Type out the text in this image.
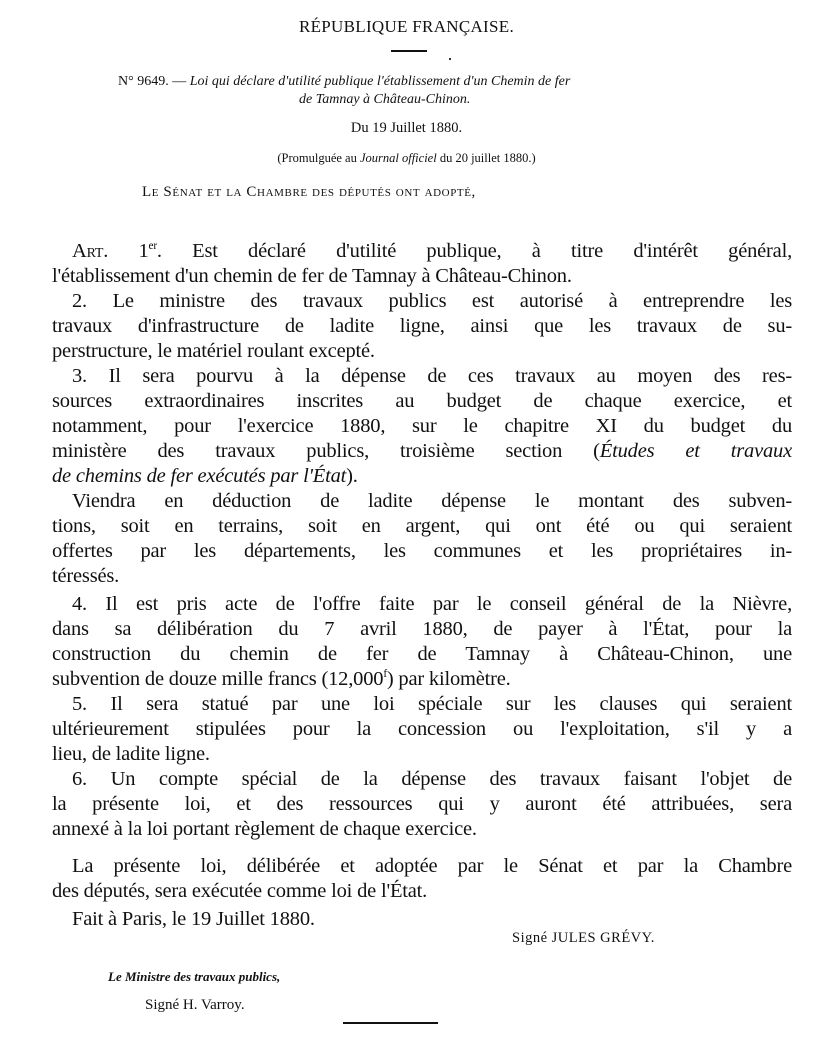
RÉPUBLIQUE FRANÇAISE.
N° 9649. — Loi qui déclare d'utilité publique l'établissement d'un Chemin de fer
de Tamnay à Château-Chinon.
Du 19 Juillet 1880.
(Promulguée au Journal officiel du 20 juillet 1880.)
Le Sénat et la Chambre des députés ont adopté,
Art. 1er. Est déclaré d'utilité publique, à titre d'intérêt général,
l'établissement d'un chemin de fer de Tamnay à Château-Chinon.
2. Le ministre des travaux publics est autorisé à entreprendre les
travaux d'infrastructure de ladite ligne, ainsi que les travaux de su-
perstructure, le matériel roulant excepté.
3. Il sera pourvu à la dépense de ces travaux au moyen des res-
sources extraordinaires inscrites au budget de chaque exercice, et
notamment, pour l'exercice 1880, sur le chapitre XI du budget du
ministère des travaux publics, troisième section (Études et travaux
de chemins de fer exécutés par l'État).
Viendra en déduction de ladite dépense le montant des subven-
tions, soit en terrains, soit en argent, qui ont été ou qui seraient
offertes par les départements, les communes et les propriétaires in-
téressés.
4. Il est pris acte de l'offre faite par le conseil général de la Nièvre,
dans sa délibération du 7 avril 1880, de payer à l'État, pour la
construction du chemin de fer de Tamnay à Château-Chinon, une
subvention de douze mille francs (12,000$^f$) par kilomètre.
5. Il sera statué par une loi spéciale sur les clauses qui seraient
ultérieurement stipulées pour la concession ou l'exploitation, s'il y a
lieu, de ladite ligne.
6. Un compte spécial de la dépense des travaux faisant l'objet de
la présente loi, et des ressources qui y auront été attribuées, sera
annexé à la loi portant règlement de chaque exercice.
La présente loi, délibérée et adoptée par le Sénat et par la Chambre
des députés, sera exécutée comme loi de l'État.
Fait à Paris, le 19 Juillet 1880.
Signé JULES GRÉVY.
Le Ministre des travaux publics,
Signé H. Varroy.
